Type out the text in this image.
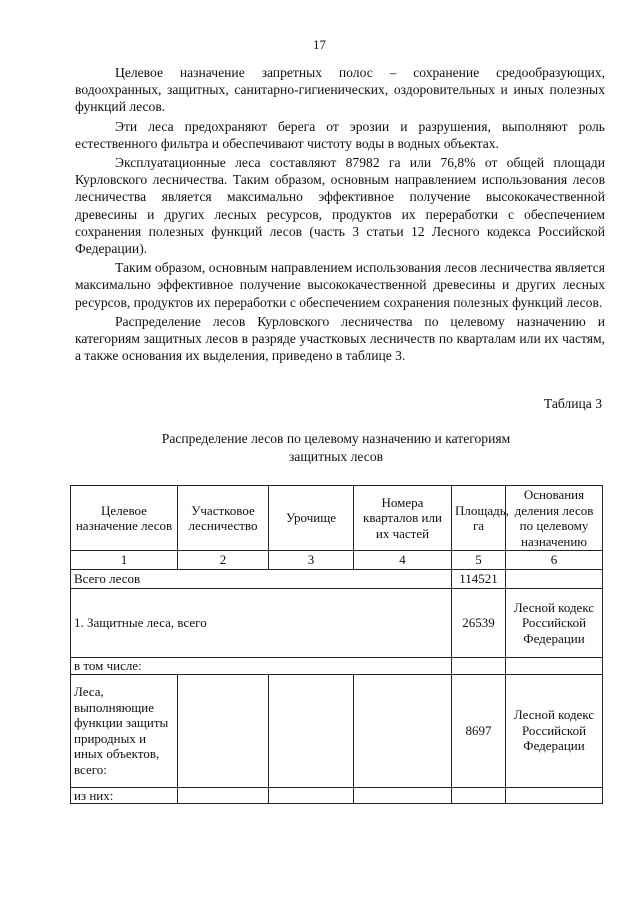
17

Целевое назначение запретных полос – сохранение средообразующих, водоохранных, защитных, санитарно-гигиенических, оздоровительных и иных полезных функций лесов.

Эти леса предохраняют берега от эрозии и разрушения, выполняют роль естественного фильтра и обеспечивают чистоту воды в водных объектах.

Эксплуатационные леса составляют 87982 га или 76,8% от общей площади Курловского лесничества. Таким образом, основным направлением использования лесов лесничества является максимально эффективное получение высококачественной древесины и других лесных ресурсов, продуктов их переработки с обеспечением сохранения полезных функций лесов (часть 3 статьи 12 Лесного кодекса Российской Федерации).

Таким образом, основным направлением использования лесов лесничества является максимально эффективное получение высококачественной древесины и других лесных ресурсов, продуктов их переработки с обеспечением сохранения полезных функций лесов.

Распределение лесов Курловского лесничества по целевому назначению и категориям защитных лесов в разряде участковых лесничеств по кварталам или их частям, а также основания их выделения, приведено в таблице 3.

Таблица 3
Распределение лесов по целевому назначению и категориям
защитных лесов
Целевое назначение лесов	Участковое лесничество	Урочище	Номера кварталов или их частей	Площадь, га	Основания деления лесов по целевому назначению
1	2	3	4	5	6
Всего лесов				114521	
1. Защитные леса, всего				26539	Лесной кодекс Российской Федерации
в том числе:					
Леса, выполняющие функции защиты природных и иных объектов, всего:				8697	Лесной кодекс Российской Федерации
из них:					
